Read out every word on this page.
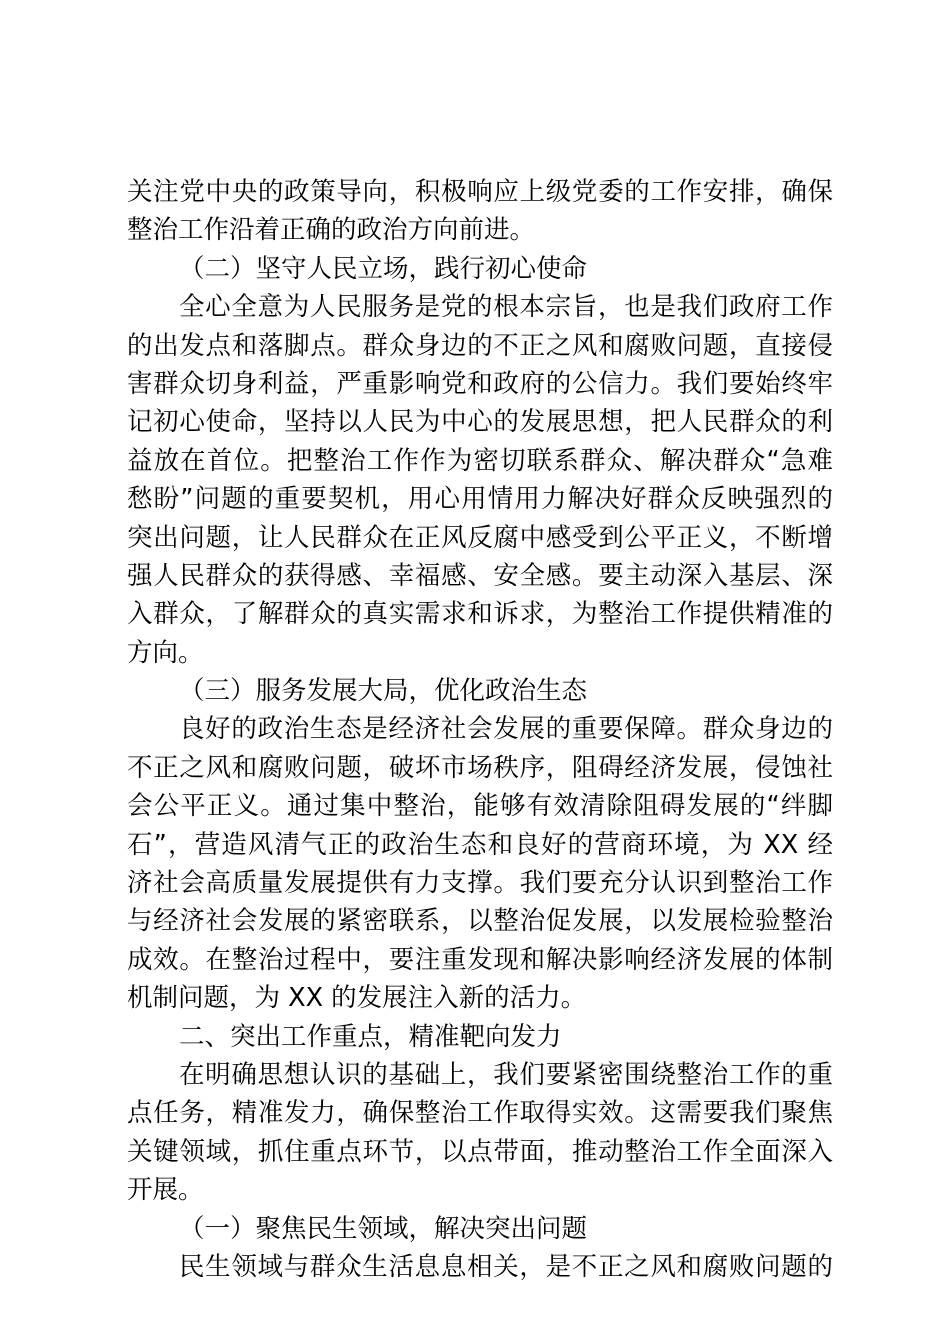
关注党中央的政策导向，积极响应上级党委的工作安排，确保
整治工作沿着正确的政治方向前进。
（二）坚守人民立场，践行初心使命
全心全意为人民服务是党的根本宗旨，也是我们政府工作
的出发点和落脚点。群众身边的不正之风和腐败问题，直接侵
害群众切身利益，严重影响党和政府的公信力。我们要始终牢
记初心使命，坚持以人民为中心的发展思想，把人民群众的利
益放在首位。把整治工作作为密切联系群众、解决群众“急难
愁盼”问题的重要契机，用心用情用力解决好群众反映强烈的
突出问题，让人民群众在正风反腐中感受到公平正义，不断增
强人民群众的获得感、幸福感、安全感。要主动深入基层、深
入群众，了解群众的真实需求和诉求，为整治工作提供精准的
方向。
（三）服务发展大局，优化政治生态
良好的政治生态是经济社会发展的重要保障。群众身边的
不正之风和腐败问题，破坏市场秩序，阻碍经济发展，侵蚀社
会公平正义。通过集中整治，能够有效清除阻碍发展的“绊脚
石”，营造风清气正的政治生态和良好的营商环境，为 XX 经
济社会高质量发展提供有力支撑。我们要充分认识到整治工作
与经济社会发展的紧密联系，以整治促发展，以发展检验整治
成效。在整治过程中，要注重发现和解决影响经济发展的体制
机制问题，为 XX 的发展注入新的活力。
二、突出工作重点，精准靶向发力
在明确思想认识的基础上，我们要紧密围绕整治工作的重
点任务，精准发力，确保整治工作取得实效。这需要我们聚焦
关键领域，抓住重点环节，以点带面，推动整治工作全面深入
开展。
（一）聚焦民生领域，解决突出问题
民生领域与群众生活息息相关，是不正之风和腐败问题的
